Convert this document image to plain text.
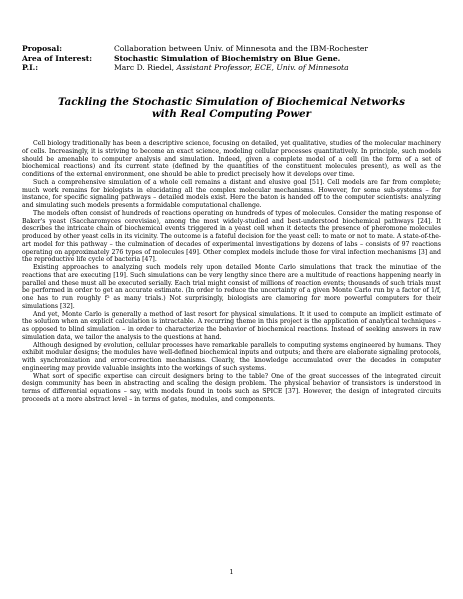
Proposal:	Collaboration between Univ. of Minnesota and the IBM-Rochester
Area of Interest:	Stochastic Simulation of Biochemistry on Blue Gene.
P.I.:	Marc D. Riedel, Assistant Professor, ECE, Univ. of Minnesota
Tackling the Stochastic Simulation of Biochemical Networks
with Real Computing Power

Cell biology traditionally has been a descriptive science, focusing on detailed, yet qualitative, studies of the molecular machinery of cells. Increasingly, it is striving to become an exact science, modeling cellular processes quantitatively. In principle, such models should be amenable to computer analysis and simulation. Indeed, given a complete model of a cell (in the form of a set of biochemical reactions) and its current state (defined by the quantities of the constituent molecules present), as well as the conditions of the external environment, one should be able to predict precisely how it develops over time.

Such a comprehensive simulation of a whole cell remains a distant and elusive goal [51]. Cell models are far from complete; much work remains for biologists in elucidating all the complex molecular mechanisms. However, for some sub-systems – for instance, for specific signaling pathways – detailed models exist. Here the baton is handed off to the computer scientists: analyzing and simulating such models presents a formidable computational challenge.

The models often consist of hundreds of reactions operating on hundreds of types of molecules. Consider the mating response of Baker's yeast (Saccharomyces cerevisiae), among the most widely-studied and best-understood biochemical pathways [24]. It describes the intricate chain of biochemical events triggered in a yeast cell when it detects the presence of pheromone molecules produced by other yeast cells in its vicinity. The outcome is a fateful decision for the yeast cell: to mate or not to mate. A state-of-the-art model for this pathway – the culmination of decades of experimental investigations by dozens of labs – consists of 97 reactions operating on approximately 276 types of molecules [49]. Other complex models include those for viral infection mechanisms [3] and the reproductive life cycle of bacteria [47].

Existing approaches to analyzing such models rely upon detailed Monte Carlo simulations that track the minutiae of the reactions that are executing [19]. Such simulations can be very lengthy since there are a multitude of reactions happening nearly in parallel and these must all be executed serially. Each trial might consist of millions of reaction events; thousands of such trials must be performed in order to get an accurate estimate. (In order to reduce the uncertainty of a given Monte Carlo run by a factor of 1/f, one has to run roughly f² as many trials.) Not surprisingly, biologists are clamoring for more powerful computers for their simulations [32].

And yet, Monte Carlo is generally a method of last resort for physical simulations. It it used to compute an implicit estimate of the solution when an explicit calculation is intractable. A recurring theme in this project is the application of analytical techniques – as opposed to blind simulation – in order to characterize the behavior of biochemical reactions. Instead of seeking answers in raw simulation data, we tailor the analysis to the questions at hand.

Although designed by evolution, cellular processes have remarkable parallels to computing systems engineered by humans. They exhibit modular designs; the modules have well-defined biochemical inputs and outputs; and there are elaborate signaling protocols, with synchronization and error-correction mechanisms. Clearly, the knowledge accumulated over the decades in computer engineering may provide valuable insights into the workings of such systems.

What sort of specific expertise can circuit designers bring to the table? One of the great successes of the integrated circuit design community has been in abstracting and scaling the design problem. The physical behavior of transistors is understood in terms of differential equations – say, with models found in tools such as SPICE [37]. However, the design of integrated circuits proceeds at a more abstract level – in terms of gates, modules, and components.

1
